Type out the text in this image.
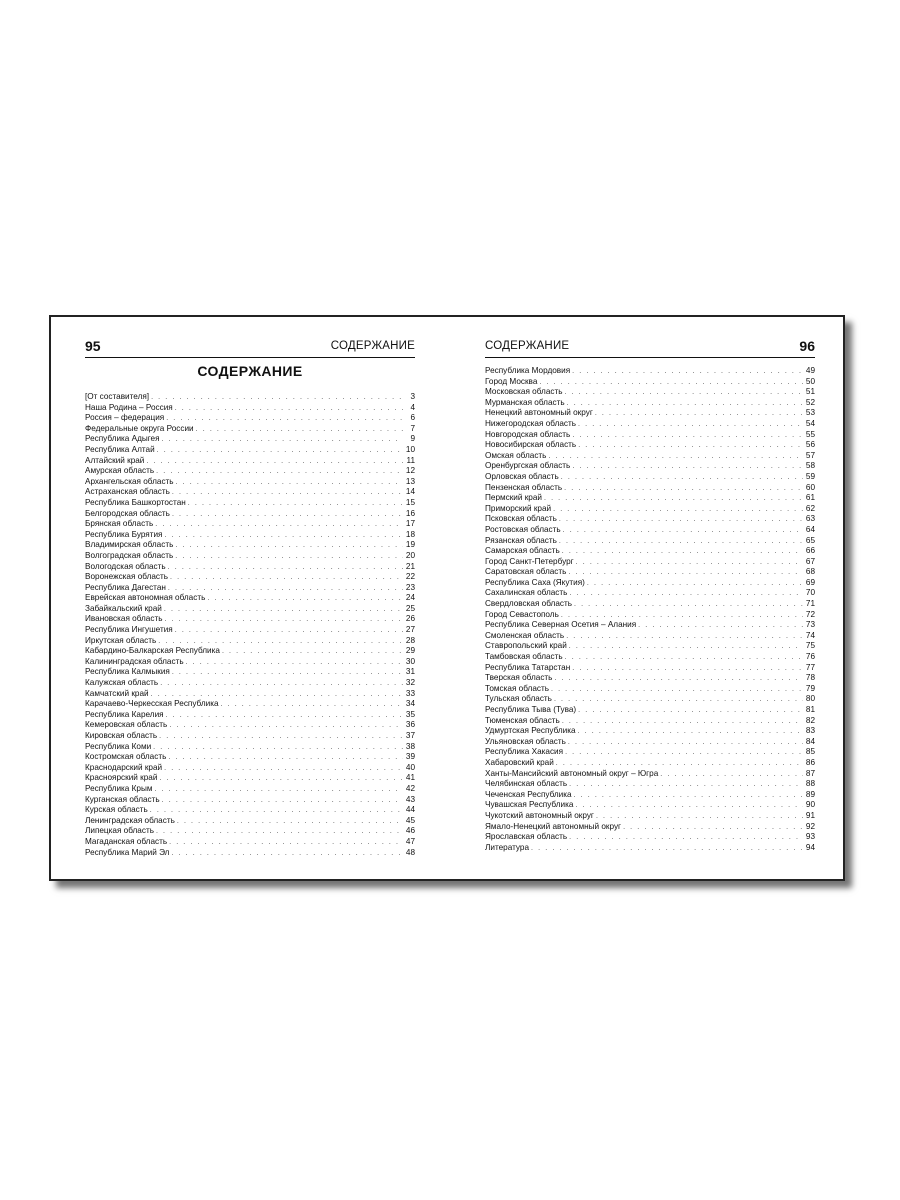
95	СОДЕРЖАНИЕ
СОДЕРЖАНИЕ
[От составителя] . . .	3
Наша Родина – Россия . . .	4
Россия – федерация . . .	6
Федеральные округа России . . .	7
Республика Адыгея . . .	9
Республика Алтай . . .	10
Алтайский край . . .	11
Амурская область . . .	12
Архангельская область . . .	13
Астраханская область . . .	14
Республика Башкортостан . . .	15
Белгородская область . . .	16
Брянская область . . .	17
Республика Бурятия . . .	18
Владимирская область . . .	19
Волгоградская область . . .	20
Вологодская область . . .	21
Воронежская область . . .	22
Республика Дагестан . . .	23
Еврейская автономная область . . .	24
Забайкальский край . . .	25
Ивановская область . . .	26
Республика Ингушетия . . .	27
Иркутская область . . .	28
Кабардино-Балкарская Республика . . .	29
Калининградская область . . .	30
Республика Калмыкия . . .	31
Калужская область . . .	32
Камчатский край . . .	33
Карачаево-Черкесская Республика . . .	34
Республика Карелия . . .	35
Кемеровская область . . .	36
Кировская область . . .	37
Республика Коми . . .	38
Костромская область . . .	39
Краснодарский край . . .	40
Красноярский край . . .	41
Республика Крым . . .	42
Курганская область . . .	43
Курская область . . .	44
Ленинградская область . . .	45
Липецкая область . . .	46
Магаданская область . . .	47
Республика Марий Эл . . .	48
СОДЕРЖАНИЕ	96
Республика Мордовия . . .	49
Город Москва . . .	50
Московская область . . .	51
Мурманская область . . .	52
Ненецкий автономный округ . . .	53
Нижегородская область . . .	54
Новгородская область . . .	55
Новосибирская область . . .	56
Омская область . . .	57
Оренбургская область . . .	58
Орловская область . . .	59
Пензенская область . . .	60
Пермский край . . .	61
Приморский край . . .	62
Псковская область . . .	63
Ростовская область . . .	64
Рязанская область . . .	65
Самарская область . . .	66
Город Санкт-Петербург . . .	67
Саратовская область . . .	68
Республика Саха (Якутия) . . .	69
Сахалинская область . . .	70
Свердловская область . . .	71
Город Севастополь . . .	72
Республика Северная Осетия – Алания . . .	73
Смоленская область . . .	74
Ставропольский край . . .	75
Тамбовская область . . .	76
Республика Татарстан . . .	77
Тверская область . . .	78
Томская область . . .	79
Тульская область . . .	80
Республика Тыва (Тува) . . .	81
Тюменская область . . .	82
Удмуртская Республика . . .	83
Ульяновская область . . .	84
Республика Хакасия . . .	85
Хабаровский край . . .	86
Ханты-Мансийский автономный округ – Югра . . .	87
Челябинская область . . .	88
Чеченская Республика . . .	89
Чувашская Республика . . .	90
Чукотский автономный округ . . .	91
Ямало-Ненецкий автономный округ . . .	92
Ярославская область . . .	93
Литература . . .	94
